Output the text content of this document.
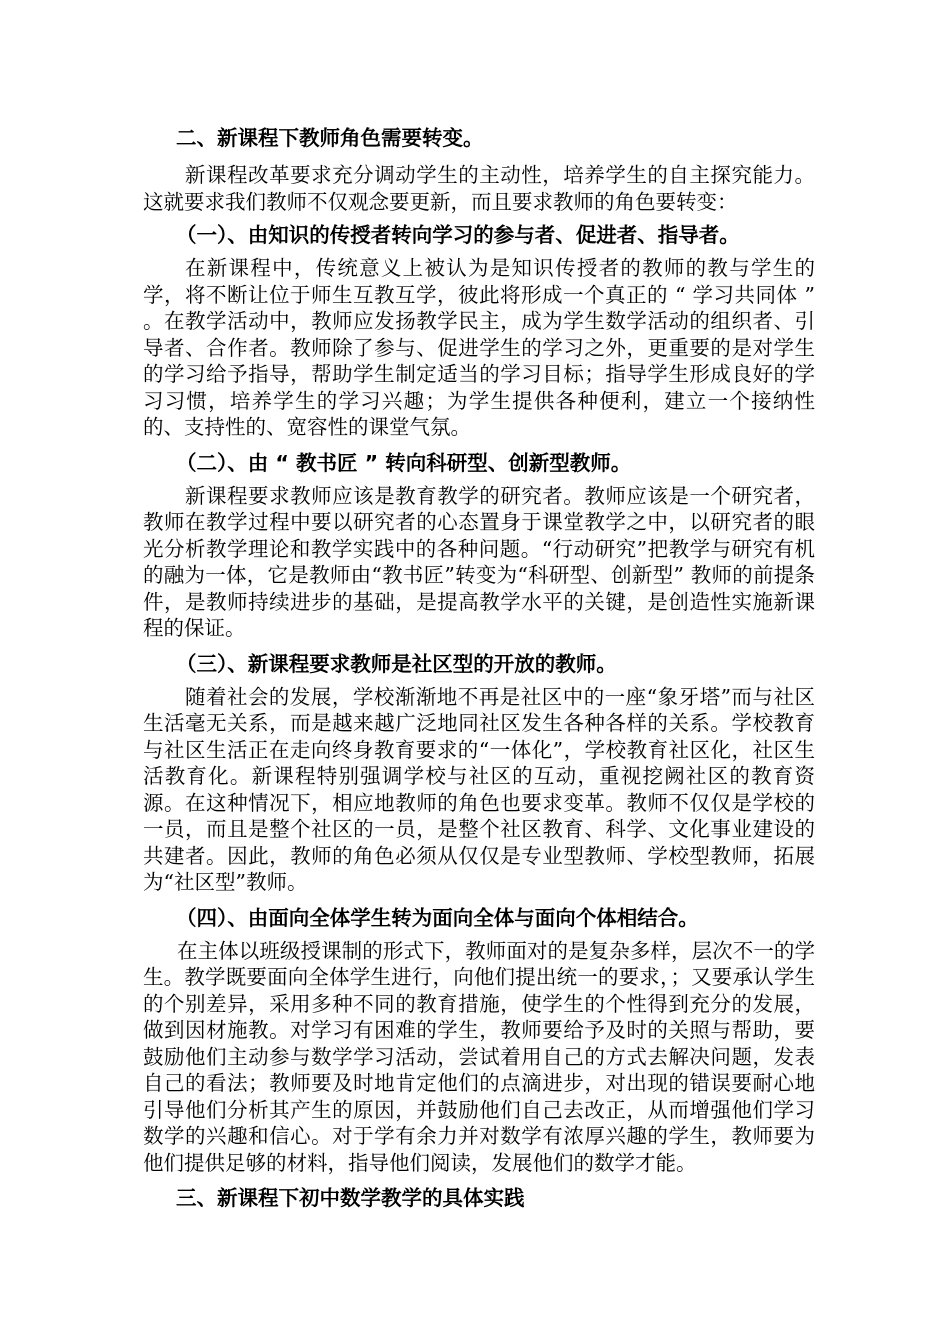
二、新课程下教师角色需要转变。

新课程改革要求充分调动学生的主动性，培养学生的自主探究能力。这就要求我们教师不仅观念要更新，而且要求教师的角色要转变：

（一）、由知识的传授者转向学习的参与者、促进者、指导者。

在新课程中，传统意义上被认为是知识传授者的教师的教与学生的学，将不断让位于师生互教互学，彼此将形成一个真正的 “ 学习共同体 ” 。在教学活动中，教师应发扬教学民主，成为学生数学活动的组织者、引导者、合作者。教师除了参与、促进学生的学习之外，更重要的是对学生的学习给予指导，帮助学生制定适当的学习目标；指导学生形成良好的学习习惯，培养学生的学习兴趣；为学生提供各种便利，建立一个接纳性的、支持性的、宽容性的课堂气氛。

（二）、由 “ 教书匠 ” 转向科研型、创新型教师。

新课程要求教师应该是教育教学的研究者。教师应该是一个研究者，教师在教学过程中要以研究者的心态置身于课堂教学之中，以研究者的眼光分析教学理论和教学实践中的各种问题。“行动研究”把教学与研究有机的融为一体，它是教师由“教书匠”转变为“科研型、创新型” 教师的前提条件，是教师持续进步的基础，是提高教学水平的关键，是创造性实施新课程的保证。

（三）、新课程要求教师是社区型的开放的教师。

随着社会的发展，学校渐渐地不再是社区中的一座“象牙塔”而与社区生活毫无关系，而是越来越广泛地同社区发生各种各样的关系。学校教育与社区生活正在走向终身教育要求的“一体化”，学校教育社区化，社区生活教育化。新课程特别强调学校与社区的互动，重视挖阙社区的教育资源。在这种情况下，相应地教师的角色也要求变革。教师不仅仅是学校的一员，而且是整个社区的一员，是整个社区教育、科学、文化事业建设的共建者。因此，教师的角色必须从仅仅是专业型教师、学校型教师，拓展为“社区型”教师。

（四）、由面向全体学生转为面向全体与面向个体相结合。

在主体以班级授课制的形式下，教师面对的是复杂多样，层次不一的学生。教学既要面向全体学生进行，向他们提出统一的要求，；又要承认学生的个别差异，采用多种不同的教育措施，使学生的个性得到充分的发展，做到因材施教。对学习有困难的学生，教师要给予及时的关照与帮助，要鼓励他们主动参与数学学习活动，尝试着用自己的方式去解决问题，发表自己的看法；教师要及时地肯定他们的点滴进步，对出现的错误要耐心地引导他们分析其产生的原因，并鼓励他们自己去改正，从而增强他们学习数学的兴趣和信心。对于学有余力并对数学有浓厚兴趣的学生，教师要为他们提供足够的材料，指导他们阅读，发展他们的数学才能。

三、新课程下初中数学教学的具体实践
